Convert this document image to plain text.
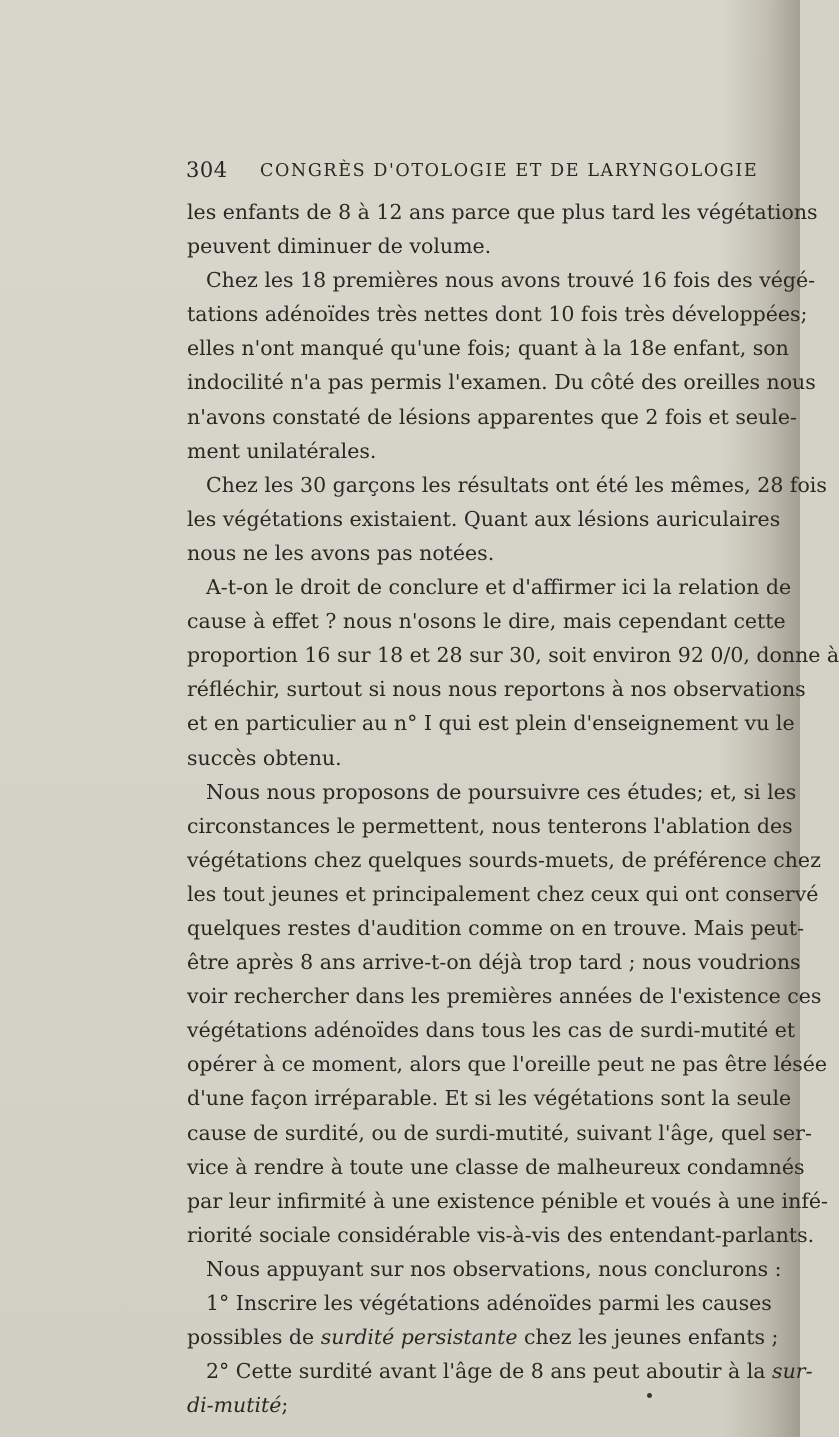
304 CONGRÈS D'OTOLOGIE ET DE LARYNGOLOGIE
les enfants de 8 à 12 ans parce que plus tard les végétations
peuvent diminuer de volume.
Chez les 18 premières nous avons trouvé 16 fois des végé-
tations adénoïdes très nettes dont 10 fois très développées;
elles n'ont manqué qu'une fois; quant à la 18e enfant, son
indocilité n'a pas permis l'examen. Du côté des oreilles nous
n'avons constaté de lésions apparentes que 2 fois et seule-
ment unilatérales.
Chez les 30 garçons les résultats ont été les mêmes, 28 fois
les végétations existaient. Quant aux lésions auriculaires
nous ne les avons pas notées.
A-t-on le droit de conclure et d'affirmer ici la relation de
cause à effet ? nous n'osons le dire, mais cependant cette
proportion 16 sur 18 et 28 sur 30, soit environ 92 0/0, donne à
réfléchir, surtout si nous nous reportons à nos observations
et en particulier au n° I qui est plein d'enseignement vu le
succès obtenu.
Nous nous proposons de poursuivre ces études; et, si les
circonstances le permettent, nous tenterons l'ablation des
végétations chez quelques sourds-muets, de préférence chez
les tout jeunes et principalement chez ceux qui ont conservé
quelques restes d'audition comme on en trouve. Mais peut-
être après 8 ans arrive-t-on déjà trop tard ; nous voudrions
voir rechercher dans les premières années de l'existence ces
végétations adénoïdes dans tous les cas de surdi-mutité et
opérer à ce moment, alors que l'oreille peut ne pas être lésée
d'une façon irréparable. Et si les végétations sont la seule
cause de surdité, ou de surdi-mutité, suivant l'âge, quel ser-
vice à rendre à toute une classe de malheureux condamnés
par leur infirmité à une existence pénible et voués à une infé-
riorité sociale considérable vis-à-vis des entendant-parlants.
Nous appuyant sur nos observations, nous conclurons :
1° Inscrire les végétations adénoïdes parmi les causes
possibles de surdité persistante chez les jeunes enfants ;
2° Cette surdité avant l'âge de 8 ans peut aboutir à la sur-
di-mutité;
